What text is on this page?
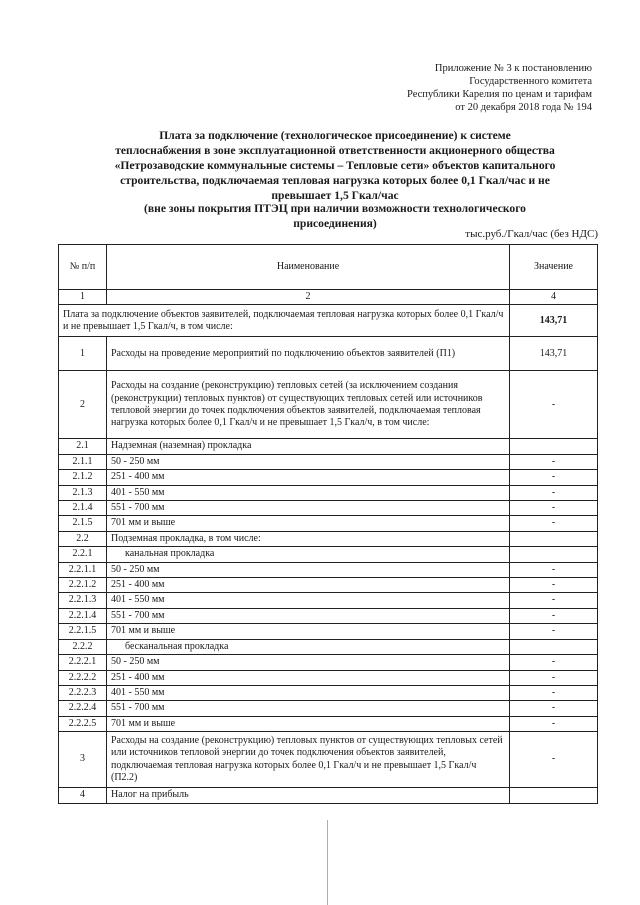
Приложение № 3 к постановлению
Государственного комитета
Республики Карелия по ценам и тарифам
от 20 декабря 2018 года № 194
Плата за подключение (технологическое присоединение) к системе
теплоснабжения в зоне эксплуатационной ответственности акционерного общества
«Петрозаводские коммунальные системы – Тепловые сети» объектов капитального
строительства, подключаемая тепловая нагрузка которых более 0,1 Гкал/час и не
превышает 1,5 Гкал/час
(вне зоны покрытия ПТЭЦ при наличии возможности технологического
присоединения)
тыс.руб./Гкал/час (без НДС)
№ п/п	Наименование	Значение
1	2	4
Плата за подключение объектов заявителей, подключаемая тепловая нагрузка которых более 0,1 Гкал/ч и не превышает 1,5 Гкал/ч, в том числе:		143,71
1	Расходы на проведение мероприятий по подключению объектов заявителей (П1)	143,71
2	Расходы на создание (реконструкцию) тепловых сетей (за исключением создания (реконструкции) тепловых пунктов) от существующих тепловых сетей или источников тепловой энергии до точек подключения объектов заявителей, подключаемая тепловая нагрузка которых более 0,1 Гкал/ч и не превышает 1,5 Гкал/ч, в том числе:	-
2.1	Надземная (наземная) прокладка	
2.1.1	50 - 250 мм	-
2.1.2	251 - 400 мм	-
2.1.3	401 - 550 мм	-
2.1.4	551 - 700 мм	-
2.1.5	701 мм и выше	-
2.2	Подземная прокладка, в том числе:	
2.2.1	канальная прокладка	
2.2.1.1	50 - 250 мм	-
2.2.1.2	251 - 400 мм	-
2.2.1.3	401 - 550 мм	-
2.2.1.4	551 - 700 мм	-
2.2.1.5	701 мм и выше	-
2.2.2	бесканальная прокладка	
2.2.2.1	50 - 250 мм	-
2.2.2.2	251 - 400 мм	-
2.2.2.3	401 - 550 мм	-
2.2.2.4	551 - 700 мм	-
2.2.2.5	701 мм и выше	-
3	Расходы на создание (реконструкцию) тепловых пунктов от существующих тепловых сетей или источников тепловой энергии до точек подключения объектов заявителей, подключаемая тепловая нагрузка которых более 0,1 Гкал/ч и не превышает 1,5 Гкал/ч (П2.2)	-
4	Налог на прибыль	
